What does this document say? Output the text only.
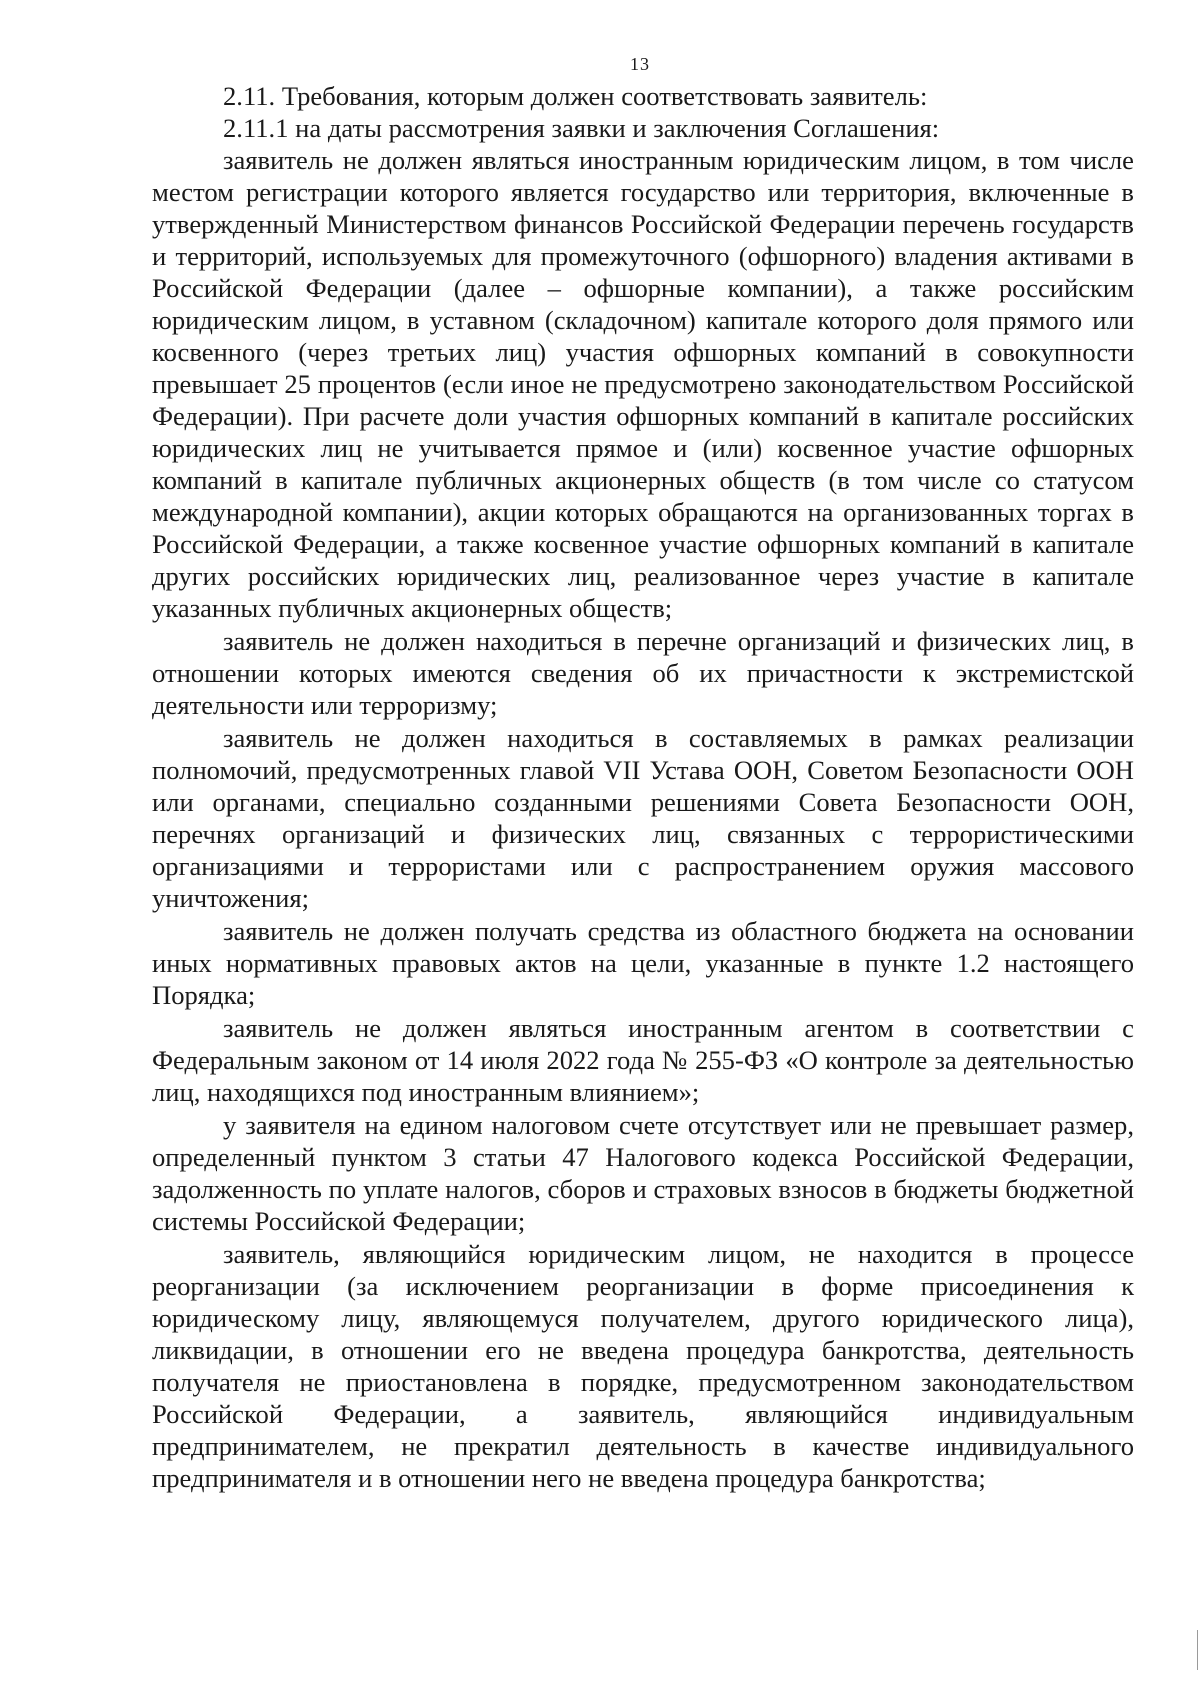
13

2.11. Требования, которым должен соответствовать заявитель:

2.11.1 на даты рассмотрения заявки и заключения Соглашения:

заявитель не должен являться иностранным юридическим лицом, в том числе местом регистрации которого является государство или территория, включенные в утвержденный Министерством финансов Российской Федерации перечень государств и территорий, используемых для промежуточного (офшорного) владения активами в Российской Федерации (далее – офшорные компании), а также российским юридическим лицом, в уставном (складочном) капитале которого доля прямого или косвенного (через третьих лиц) участия офшорных компаний в совокупности превышает 25 процентов (если иное не предусмотрено законодательством Российской Федерации). При расчете доли участия офшорных компаний в капитале российских юридических лиц не учитывается прямое и (или) косвенное участие офшорных компаний в капитале публичных акционерных обществ (в том числе со статусом международной компании), акции которых обращаются на организованных торгах в Российской Федерации, а также косвенное участие офшорных компаний в капитале других российских юридических лиц, реализованное через участие в капитале указанных публичных акционерных обществ;

заявитель не должен находиться в перечне организаций и физических лиц, в отношении которых имеются сведения об их причастности к экстремистской деятельности или терроризму;

заявитель не должен находиться в составляемых в рамках реализации полномочий, предусмотренных главой VII Устава ООН, Советом Безопасности ООН или органами, специально созданными решениями Совета Безопасности ООН, перечнях организаций и физических лиц, связанных с террористическими организациями и террористами или с распространением оружия массового уничтожения;

заявитель не должен получать средства из областного бюджета на основании иных нормативных правовых актов на цели, указанные в пункте 1.2 настоящего Порядка;

заявитель не должен являться иностранным агентом в соответствии с Федеральным законом от 14 июля 2022 года № 255-ФЗ «О контроле за деятельностью лиц, находящихся под иностранным влиянием»;

у заявителя на едином налоговом счете отсутствует или не превышает размер, определенный пунктом 3 статьи 47 Налогового кодекса Российской Федерации, задолженность по уплате налогов, сборов и страховых взносов в бюджеты бюджетной системы Российской Федерации;

заявитель, являющийся юридическим лицом, не находится в процессе реорганизации (за исключением реорганизации в форме присоединения к юридическому лицу, являющемуся получателем, другого юридического лица), ликвидации, в отношении его не введена процедура банкротства, деятельность получателя не приостановлена в порядке, предусмотренном законодательством Российской Федерации, а заявитель, являющийся индивидуальным предпринимателем, не прекратил деятельность в качестве индивидуального предпринимателя и в отношении него не введена процедура банкротства;
